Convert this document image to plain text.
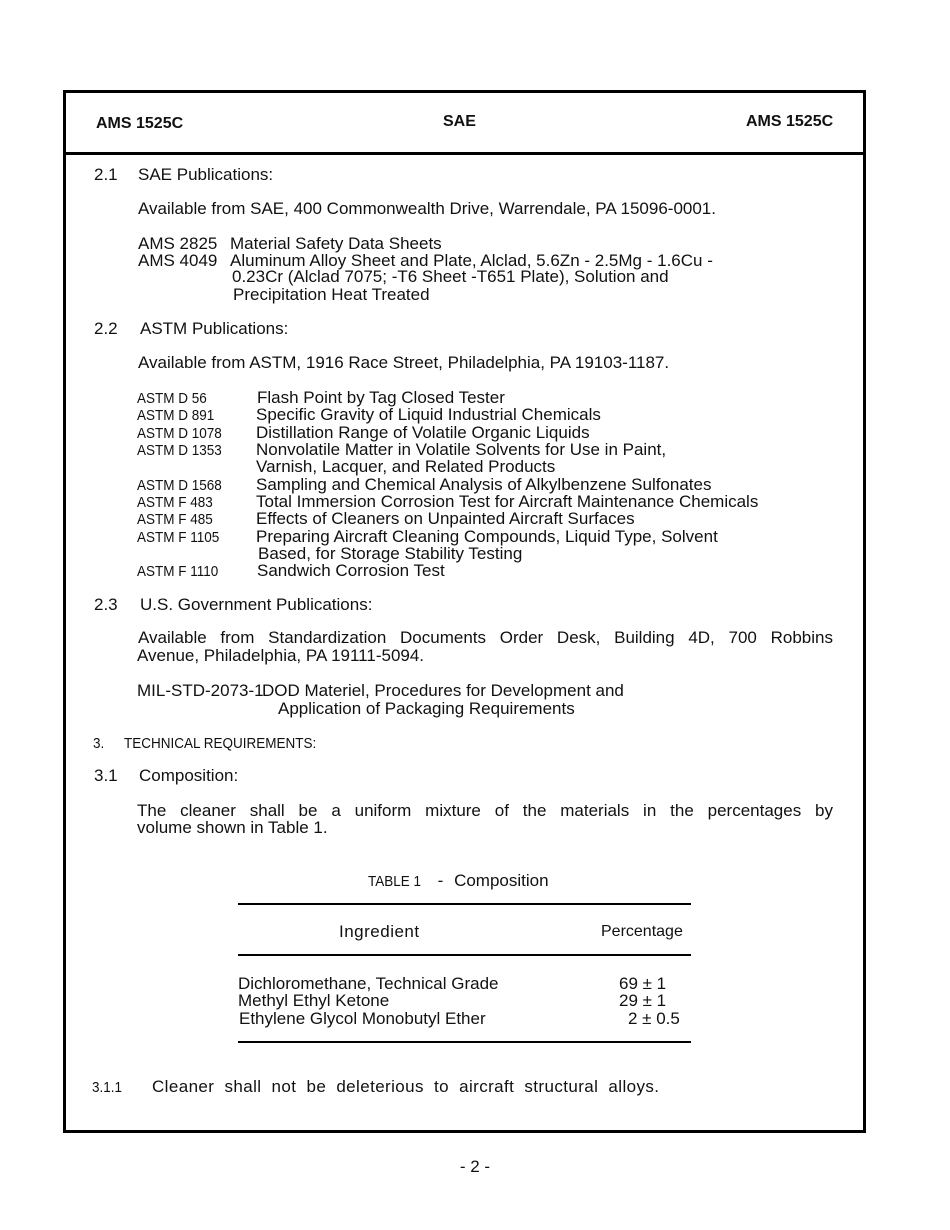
AMS 1525C	SAE	AMS 1525C
2.1 SAE Publications:
Available from SAE, 400 Commonwealth Drive, Warrendale, PA 15096-0001.
AMS 2825 Material Safety Data Sheets
AMS 4049 Aluminum Alloy Sheet and Plate, Alclad, 5.6Zn - 2.5Mg - 1.6Cu -
0.23Cr (Alclad 7075; -T6 Sheet -T651 Plate), Solution and
Precipitation Heat Treated
2.2 ASTM Publications:
Available from ASTM, 1916 Race Street, Philadelphia, PA 19103-1187.
ASTM D 56	Flash Point by Tag Closed Tester
ASTM D 891	Specific Gravity of Liquid Industrial Chemicals
ASTM D 1078	Distillation Range of Volatile Organic Liquids
ASTM D 1353	Nonvolatile Matter in Volatile Solvents for Use in Paint,
Varnish, Lacquer, and Related Products
ASTM D 1568	Sampling and Chemical Analysis of Alkylbenzene Sulfonates
ASTM F 483	Total Immersion Corrosion Test for Aircraft Maintenance Chemicals
ASTM F 485	Effects of Cleaners on Unpainted Aircraft Surfaces
ASTM F 1105	Preparing Aircraft Cleaning Compounds, Liquid Type, Solvent
Based, for Storage Stability Testing
ASTM F 1110	Sandwich Corrosion Test
2.3 U.S. Government Publications:
Available from Standardization Documents Order Desk, Building 4D, 700 Robbins
Avenue, Philadelphia, PA 19111-5094.
MIL-STD-2073-1
DOD Materiel, Procedures for Development and
Application of Packaging Requirements
3. TECHNICAL REQUIREMENTS:
3.1 Composition:
The cleaner shall be a uniform mixture of the materials in the percentages by
volume shown in Table 1.
TABLE 1 - Composition
Ingredient	Percentage
Dichloromethane, Technical Grade	69 ± 1
Methyl Ethyl Ketone	29 ± 1
Ethylene Glycol Monobutyl Ether	2 ± 0.5
3.1.1 Cleaner shall not be deleterious to aircraft structural alloys.
- 2 -
